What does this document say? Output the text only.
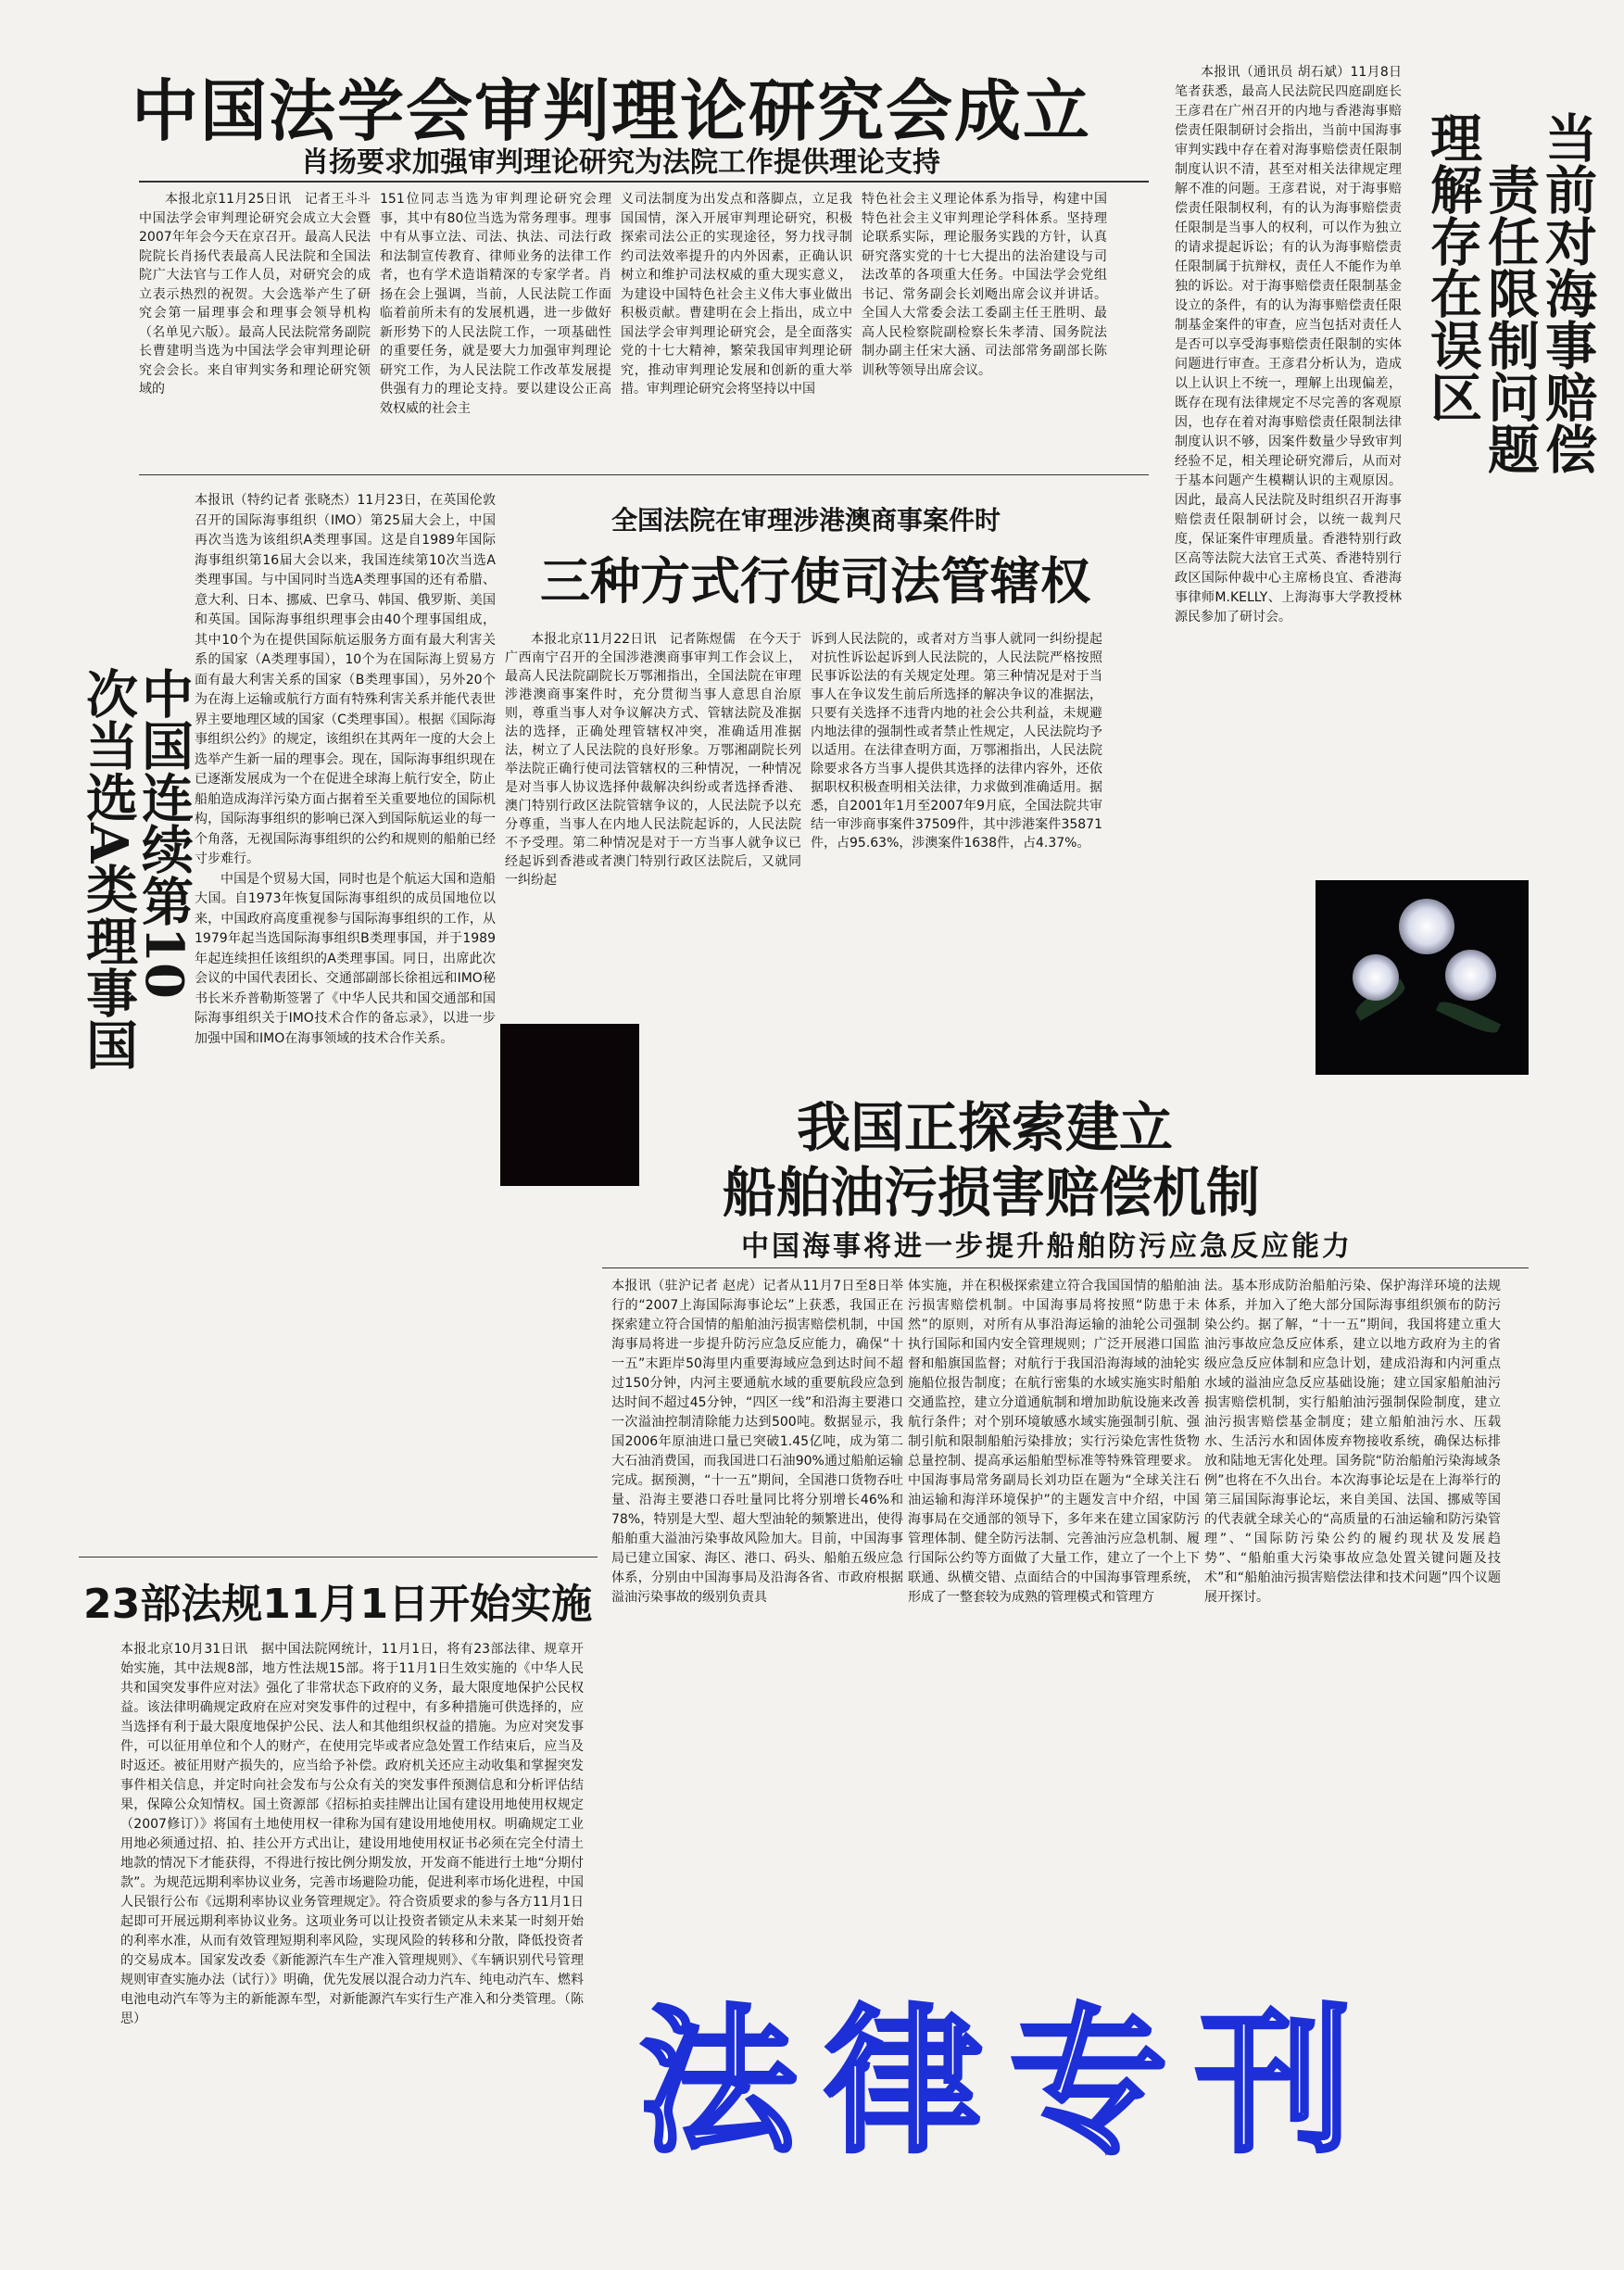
中国法学会审判理论研究会成立
肖扬要求加强审判理论研究为法院工作提供理论支持

本报北京11月25日讯　记者王斗斗　中国法学会审判理论研究会成立大会暨2007年年会今天在京召开。最高人民法院院长肖扬代表最高人民法院和全国法院广大法官与工作人员，对研究会的成立表示热烈的祝贺。大会选举产生了研究会第一届理事会和理事会领导机构（名单见六版）。最高人民法院常务副院长曹建明当选为中国法学会审判理论研究会会长。来自审判实务和理论研究领域的

151位同志当选为审判理论研究会理事，其中有80位当选为常务理事。理事中有从事立法、司法、执法、司法行政和法制宣传教育、律师业务的法律工作者，也有学术造诣精深的专家学者。肖扬在会上强调，当前，人民法院工作面临着前所未有的发展机遇，进一步做好新形势下的人民法院工作，一项基础性的重要任务，就是要大力加强审判理论研究工作，为人民法院工作改革发展提供强有力的理论支持。要以建设公正高效权威的社会主

义司法制度为出发点和落脚点，立足我国国情，深入开展审判理论研究，积极探索司法公正的实现途径，努力找寻制约司法效率提升的内外因素，正确认识树立和维护司法权威的重大现实意义，为建设中国特色社会主义伟大事业做出积极贡献。曹建明在会上指出，成立中国法学会审判理论研究会，是全面落实党的十七大精神，繁荣我国审判理论研究，推动审判理论发展和创新的重大举措。审判理论研究会将坚持以中国

特色社会主义理论体系为指导，构建中国特色社会主义审判理论学科体系。坚持理论联系实际，理论服务实践的方针，认真研究落实党的十七大提出的法治建设与司法改革的各项重大任务。中国法学会党组书记、常务副会长刘飏出席会议并讲话。全国人大常委会法工委副主任王胜明、最高人民检察院副检察长朱孝清、国务院法制办副主任宋大涵、司法部常务副部长陈训秋等领导出席会议。

本报讯（通讯员 胡石斌）11月8日笔者获悉，最高人民法院民四庭副庭长王彦君在广州召开的内地与香港海事赔偿责任限制研讨会指出，当前中国海事审判实践中存在着对海事赔偿责任限制制度认识不清，甚至对相关法律规定理解不准的问题。王彦君说，对于海事赔偿责任限制权利，有的认为海事赔偿责任限制是当事人的权利，可以作为独立的请求提起诉讼；有的认为海事赔偿责任限制属于抗辩权，责任人不能作为单独的诉讼。对于海事赔偿责任限制基金设立的条件，有的认为海事赔偿责任限制基金案件的审查，应当包括对责任人是否可以享受海事赔偿责任限制的实体问题进行审查。王彦君分析认为，造成以上认识上不统一，理解上出现偏差，既存在现有法律规定不尽完善的客观原因，也存在着对海事赔偿责任限制法律制度认识不够，因案件数量少导致审判经验不足，相关理论研究滞后，从而对于基本问题产生模糊认识的主观原因。因此，最高人民法院及时组织召开海事赔偿责任限制研讨会，以统一裁判尺度，保证案件审理质量。香港特别行政区高等法院大法官王式英、香港特别行政区国际仲裁中心主席杨良宜、香港海事律师M.KELLY、上海海事大学教授林源民参加了研讨会。

当前对海事赔偿
责任限制问题
理解存在误区
中国连续第10
次当选A类理事国

本报讯（特约记者 张晓杰）11月23日，在英国伦敦召开的国际海事组织（IMO）第25届大会上，中国再次当选为该组织A类理事国。这是自1989年国际海事组织第16届大会以来，我国连续第10次当选A类理事国。与中国同时当选A类理事国的还有希腊、意大利、日本、挪威、巴拿马、韩国、俄罗斯、美国和英国。国际海事组织理事会由40个理事国组成，其中10个为在提供国际航运服务方面有最大利害关系的国家（A类理事国），10个为在国际海上贸易方面有最大利害关系的国家（B类理事国），另外20个为在海上运输或航行方面有特殊利害关系并能代表世界主要地理区域的国家（C类理事国）。根据《国际海事组织公约》的规定，该组织在其两年一度的大会上选举产生新一届的理事会。现在，国际海事组织现在已逐渐发展成为一个在促进全球海上航行安全，防止船舶造成海洋污染方面占据着至关重要地位的国际机构，国际海事组织的影响已深入到国际航运业的每一个角落，无视国际海事组织的公约和规则的船舶已经寸步难行。

中国是个贸易大国，同时也是个航运大国和造船大国。自1973年恢复国际海事组织的成员国地位以来，中国政府高度重视参与国际海事组织的工作，从1979年起当选国际海事组织B类理事国，并于1989年起连续担任该组织的A类理事国。同日，出席此次会议的中国代表团长、交通部副部长徐祖远和IMO秘书长米乔普勒斯签署了《中华人民共和国交通部和国际海事组织关于IMO技术合作的备忘录》，以进一步加强中国和IMO在海事领域的技术合作关系。

全国法院在审理涉港澳商事案件时
三种方式行使司法管辖权

本报北京11月22日讯　记者陈煜儒　在今天于广西南宁召开的全国涉港澳商事审判工作会议上，最高人民法院副院长万鄂湘指出，全国法院在审理涉港澳商事案件时，充分贯彻当事人意思自治原则，尊重当事人对争议解决方式、管辖法院及准据法的选择，正确处理管辖权冲突，准确适用准据法，树立了人民法院的良好形象。万鄂湘副院长列举法院正确行使司法管辖权的三种情况，一种情况是对当事人协议选择仲裁解决纠纷或者选择香港、澳门特别行政区法院管辖争议的，人民法院予以充分尊重，当事人在内地人民法院起诉的，人民法院不予受理。第二种情况是对于一方当事人就争议已经起诉到香港或者澳门特别行政区法院后，又就同一纠纷起

诉到人民法院的，或者对方当事人就同一纠纷提起对抗性诉讼起诉到人民法院的，人民法院严格按照民事诉讼法的有关规定处理。第三种情况是对于当事人在争议发生前后所选择的解决争议的准据法，只要有关选择不违背内地的社会公共利益，未规避内地法律的强制性或者禁止性规定，人民法院均予以适用。在法律查明方面，万鄂湘指出，人民法院除要求各方当事人提供其选择的法律内容外，还依据职权积极查明相关法律，力求做到准确适用。据悉，自2001年1月至2007年9月底，全国法院共审结一审涉商事案件37509件，其中涉港案件35871件，占95.63%，涉澳案件1638件，占4.37%。

我国正探索建立
船舶油污损害赔偿机制
中国海事将进一步提升船舶防污应急反应能力

本报讯（驻沪记者 赵虎）记者从11月7日至8日举行的“2007上海国际海事论坛”上获悉，我国正在探索建立符合国情的船舶油污损害赔偿机制，中国海事局将进一步提升防污应急反应能力，确保“十一五”末距岸50海里内重要海域应急到达时间不超过150分钟，内河主要通航水域的重要航段应急到达时间不超过45分钟，“四区一线”和沿海主要港口一次溢油控制清除能力达到500吨。数据显示，我国2006年原油进口量已突破1.45亿吨，成为第二大石油消费国，而我国进口石油90%通过船舶运输完成。据预测，“十一五”期间，全国港口货物吞吐量、沿海主要港口吞吐量同比将分别增长46%和78%，特别是大型、超大型油轮的频繁进出，使得船舶重大溢油污染事故风险加大。目前，中国海事局已建立国家、海区、港口、码头、船舶五级应急体系，分别由中国海事局及沿海各省、市政府根据溢油污染事故的级别负责具

体实施，并在积极探索建立符合我国国情的船舶油污损害赔偿机制。中国海事局将按照“防患于未然”的原则，对所有从事沿海运输的油轮公司强制执行国际和国内安全管理规则；广泛开展港口国监督和船旗国监督；对航行于我国沿海海域的油轮实施船位报告制度；在航行密集的水域实施实时船舶交通监控，建立分道通航制和增加助航设施来改善航行条件；对个别环境敏感水域实施强制引航、强制引航和限制船舶污染排放；实行污染危害性货物总量控制、提高承运船舶型标准等特殊管理要求。中国海事局常务副局长刘功臣在题为“全球关注石油运输和海洋环境保护”的主题发言中介绍，中国海事局在交通部的领导下，多年来在建立国家防污管理体制、健全防污法制、完善油污应急机制、履行国际公约等方面做了大量工作，建立了一个上下联通、纵横交错、点面结合的中国海事管理系统，形成了一整套较为成熟的管理模式和管理方

法。基本形成防治船舶污染、保护海洋环境的法规体系，并加入了绝大部分国际海事组织颁布的防污染公约。据了解，“十一五”期间，我国将建立重大油污事故应急反应体系，建立以地方政府为主的省级应急反应体制和应急计划，建成沿海和内河重点水域的溢油应急反应基础设施；建立国家船舶油污损害赔偿机制，实行船舶油污强制保险制度，建立油污损害赔偿基金制度；建立船舶油污水、压载水、生活污水和固体废弃物接收系统，确保达标排放和陆地无害化处理。国务院“防治船舶污染海域条例”也将在不久出台。本次海事论坛是在上海举行的第三届国际海事论坛，来自美国、法国、挪威等国的代表就全球关心的“高质量的石油运输和防污染管理”、“国际防污染公约的履约现状及发展趋势”、“船舶重大污染事故应急处置关键问题及技术”和“船舶油污损害赔偿法律和技术问题”四个议题展开探讨。

23部法规11月1日开始实施

本报北京10月31日讯　据中国法院网统计，11月1日，将有23部法律、规章开始实施，其中法规8部，地方性法规15部。将于11月1日生效实施的《中华人民共和国突发事件应对法》强化了非常状态下政府的义务，最大限度地保护公民权益。该法律明确规定政府在应对突发事件的过程中，有多种措施可供选择的，应当选择有利于最大限度地保护公民、法人和其他组织权益的措施。为应对突发事件，可以征用单位和个人的财产，在使用完毕或者应急处置工作结束后，应当及时返还。被征用财产损失的，应当给予补偿。政府机关还应主动收集和掌握突发事件相关信息，并定时向社会发布与公众有关的突发事件预测信息和分析评估结果，保障公众知情权。国土资源部《招标拍卖挂牌出让国有建设用地使用权规定（2007修订）》将国有土地使用权一律称为国有建设用地使用权。明确规定工业用地必须通过招、拍、挂公开方式出让，建设用地使用权证书必须在完全付清土地款的情况下才能获得，不得进行按比例分期发放，开发商不能进行土地“分期付款”。为规范远期利率协议业务，完善市场避险功能，促进利率市场化进程，中国人民银行公布《远期利率协议业务管理规定》。符合资质要求的参与各方11月1日起即可开展远期利率协议业务。这项业务可以让投资者锁定从未来某一时刻开始的利率水准，从而有效管理短期利率风险，实现风险的转移和分散，降低投资者的交易成本。国家发改委《新能源汽车生产准入管理规则》、《车辆识别代号管理规则审查实施办法（试行）》明确，优先发展以混合动力汽车、纯电动汽车、燃料电池电动汽车等为主的新能源车型，对新能源汽车实行生产准入和分类管理。（陈思）	法律专刊
